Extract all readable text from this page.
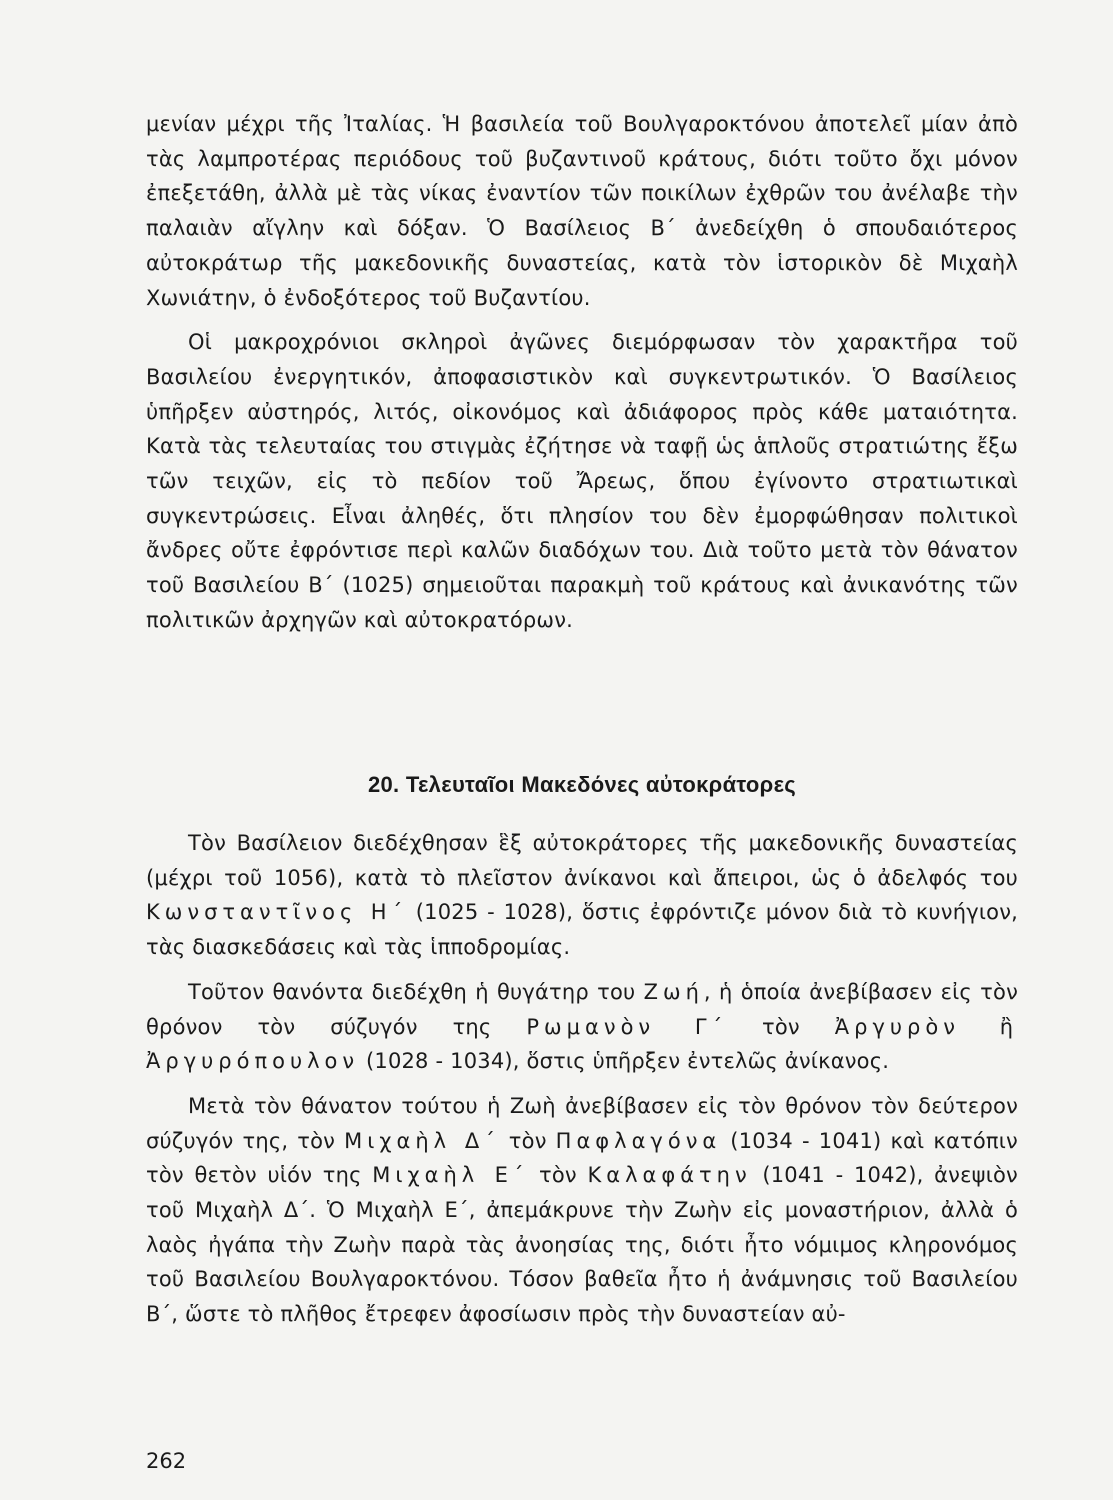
μενίαν μέχρι τῆς Ἰταλίας. Ἡ βασιλεία τοῦ Βουλγαροκτόνου ἀποτελεῖ μίαν ἀπὸ τὰς λαμπροτέρας περιόδους τοῦ βυζαντινοῦ κράτους, διότι τοῦτο ὄχι μόνον ἐπεξετάθη, ἀλλὰ μὲ τὰς νίκας ἐναντίον τῶν ποικίλων ἐχθρῶν του ἀνέλαβε τὴν παλαιὰν αἴγλην καὶ δόξαν. Ὁ Βασίλειος Β΄ ἀνεδείχθη ὁ σπουδαιότερος αὐτοκράτωρ τῆς μακεδονικῆς δυναστείας, κατὰ τὸν ἱστορικὸν δὲ Μιχαὴλ Χωνιάτην, ὁ ἐνδοξότερος τοῦ Βυζαντίου.

Οἱ μακροχρόνιοι σκληροὶ ἀγῶνες διεμόρφωσαν τὸν χαρακτῆρα τοῦ Βασιλείου ἐνεργητικόν, ἀποφασιστικὸν καὶ συγκεντρωτικόν. Ὁ Βασίλειος ὑπῆρξεν αὐστηρός, λιτός, οἰκονόμος καὶ ἀδιάφορος πρὸς κάθε ματαιότητα. Κατὰ τὰς τελευταίας του στιγμὰς ἐζήτησε νὰ ταφῇ ὡς ἁπλοῦς στρατιώτης ἔξω τῶν τειχῶν, εἰς τὸ πεδίον τοῦ Ἄρεως, ὅπου ἐγίνοντο στρατιωτικαὶ συγκεντρώσεις. Εἶναι ἀληθές, ὅτι πλησίον του δὲν ἐμορφώθησαν πολιτικοὶ ἄνδρες οὔτε ἐφρόντισε περὶ καλῶν διαδόχων του. Διὰ τοῦτο μετὰ τὸν θάνατον τοῦ Βασιλείου Β΄ (1025) σημειοῦται παρακμὴ τοῦ κράτους καὶ ἀνικανότης τῶν πολιτικῶν ἀρχηγῶν καὶ αὐτοκρατόρων.

20. Τελευταῖοι Μακεδόνες αὐτοκράτορες

Τὸν Βασίλειον διεδέχθησαν ἓξ αὐτοκράτορες τῆς μακεδονικῆς δυναστείας (μέχρι τοῦ 1056), κατὰ τὸ πλεῖστον ἀνίκανοι καὶ ἄπειροι, ὡς ὁ ἀδελφός του Κωνσταντῖνος Η΄ (1025 - 1028), ὅστις ἐφρόντιζε μόνον διὰ τὸ κυνήγιον, τὰς διασκεδάσεις καὶ τὰς ἱπποδρομίας.

Τοῦτον θανόντα διεδέχθη ἡ θυγάτηρ του Ζωή, ἡ ὁποία ἀνεβίβασεν εἰς τὸν θρόνον τὸν σύζυγόν της Ρωμανὸν Γ΄ τὸν Ἀργυρὸν ἢ Ἀργυρόπουλον (1028 - 1034), ὅστις ὑπῆρξεν ἐντελῶς ἀνίκανος.

Μετὰ τὸν θάνατον τούτου ἡ Ζωὴ ἀνεβίβασεν εἰς τὸν θρόνον τὸν δεύτερον σύζυγόν της, τὸν Μιχαὴλ Δ΄ τὸν Παφλαγόνα (1034 - 1041) καὶ κατόπιν τὸν θετὸν υἱόν της Μιχαὴλ Ε΄ τὸν Καλαφάτην (1041 - 1042), ἀνεψιὸν τοῦ Μιχαὴλ Δ΄. Ὁ Μιχαὴλ Ε΄, ἀπεμάκρυνε τὴν Ζωὴν εἰς μοναστήριον, ἀλλὰ ὁ λαὸς ἠγάπα τὴν Ζωὴν παρὰ τὰς ἀνοησίας της, διότι ἦτο νόμιμος κληρονόμος τοῦ Βασιλείου Βουλγαροκτόνου. Τόσον βαθεῖα ἦτο ἡ ἀνάμνησις τοῦ Βασιλείου Β΄, ὥστε τὸ πλῆθος ἔτρεφεν ἀφοσίωσιν πρὸς τὴν δυναστείαν αὐ-

262
